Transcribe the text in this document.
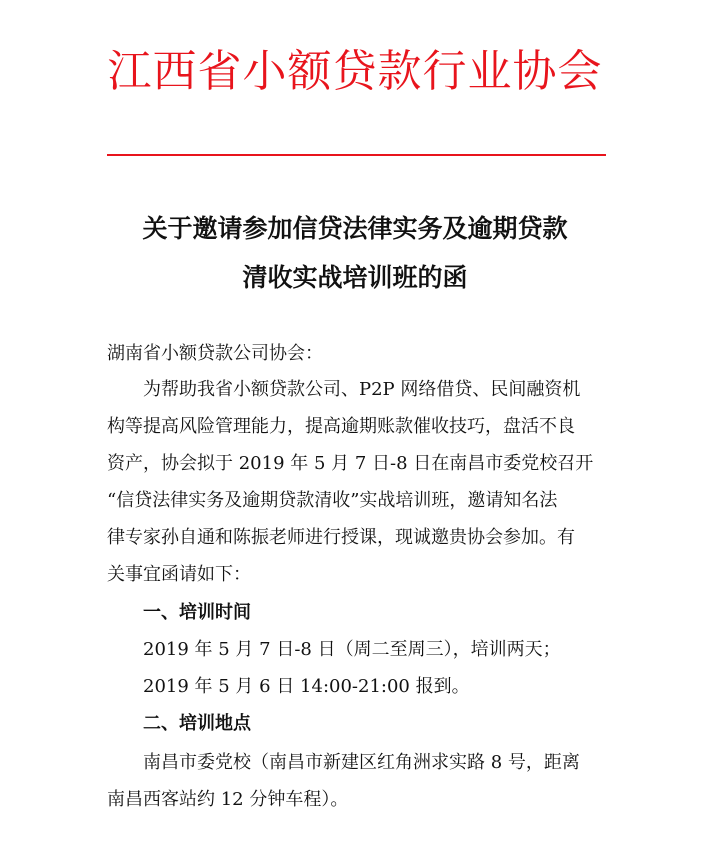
江西省小额贷款行业协会
关于邀请参加信贷法律实务及逾期贷款
清收实战培训班的函
湖南省小额贷款公司协会：
为帮助我省小额贷款公司、P2P 网络借贷、民间融资机
构等提高风险管理能力，提高逾期账款催收技巧，盘活不良
资产，协会拟于 2019 年 5 月 7 日-8 日在南昌市委党校召开
“信贷法律实务及逾期贷款清收”实战培训班，邀请知名法
律专家孙自通和陈振老师进行授课，现诚邀贵协会参加。有
关事宜函请如下：
一、培训时间
2019 年 5 月 7 日-8 日（周二至周三），培训两天；
2019 年 5 月 6 日 14:00-21:00 报到。
二、培训地点
南昌市委党校（南昌市新建区红角洲求实路 8 号，距离
南昌西客站约 12 分钟车程）。
